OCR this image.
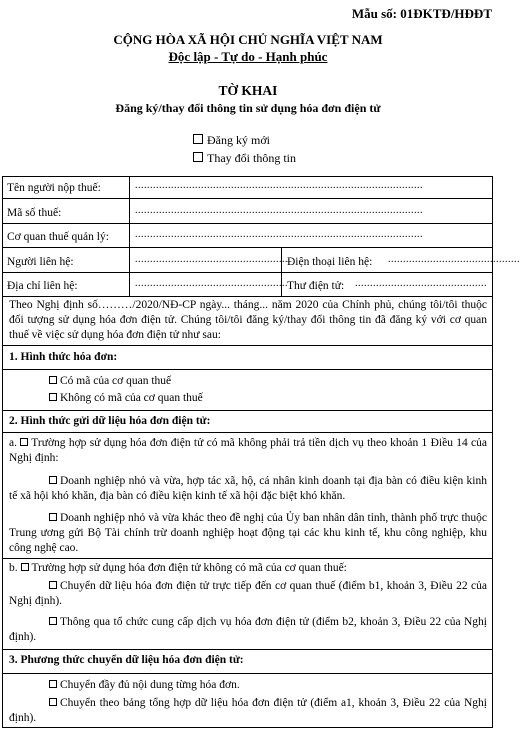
Mẫu số: 01ĐKTĐ/HĐĐT
CỘNG HÒA XÃ HỘI CHỦ NGHĨA VIỆT NAM
Độc lập - Tự do - Hạnh phúc
TỜ KHAI
Đăng ký/thay đổi thông tin sử dụng hóa đơn điện tử
Đăng ký mới
Thay đổi thông tin
Tên người nộp thuế:	................................................................................................
Mã số thuế:	................................................................................................
Cơ quan thuế quản lý:	................................................................................................
Người liên hệ:	................................................... Điện thoại liên hệ: ............................................
Địa chỉ liên hệ:	................................................... Thư điện tử: ............................................
Theo Nghị định số………/2020/NĐ-CP ngày... tháng... năm 2020 của Chính phủ, chúng tôi/tôi thuộc đối tượng sử dụng hóa đơn điện tử. Chúng tôi/tôi đăng ký/thay đổi thông tin đã đăng ký với cơ quan thuế về việc sử dụng hóa đơn điện tử như sau:
1. Hình thức hóa đơn:
Có mã của cơ quan thuế
Không có mã của cơ quan thuế
2. Hình thức gửi dữ liệu hóa đơn điện tử:
a. Trường hợp sử dụng hóa đơn điện tử có mã không phải trả tiền dịch vụ theo khoản 1 Điều 14 của Nghị định:
Doanh nghiệp nhỏ và vừa, hợp tác xã, hộ, cá nhân kinh doanh tại địa bàn có điều kiện kinh tế xã hội khó khăn, địa bàn có điều kiện kinh tế xã hội đặc biệt khó khăn.
Doanh nghiệp nhỏ và vừa khác theo đề nghị của Ủy ban nhân dân tỉnh, thành phố trực thuộc Trung ương gửi Bộ Tài chính trừ doanh nghiệp hoạt động tại các khu kinh tế, khu công nghiệp, khu công nghệ cao.
b. Trường hợp sử dụng hóa đơn điện tử không có mã của cơ quan thuế:
Chuyển dữ liệu hóa đơn điện tử trực tiếp đến cơ quan thuế (điểm b1, khoản 3, Điều 22 của Nghị định).
Thông qua tổ chức cung cấp dịch vụ hóa đơn điện tử (điểm b2, khoản 3, Điều 22 của Nghị định).
3. Phương thức chuyển dữ liệu hóa đơn điện tử:
Chuyển đầy đủ nội dung từng hóa đơn.
Chuyển theo bảng tổng hợp dữ liệu hóa đơn điện tử (điểm a1, khoản 3, Điều 22 của Nghị định).
